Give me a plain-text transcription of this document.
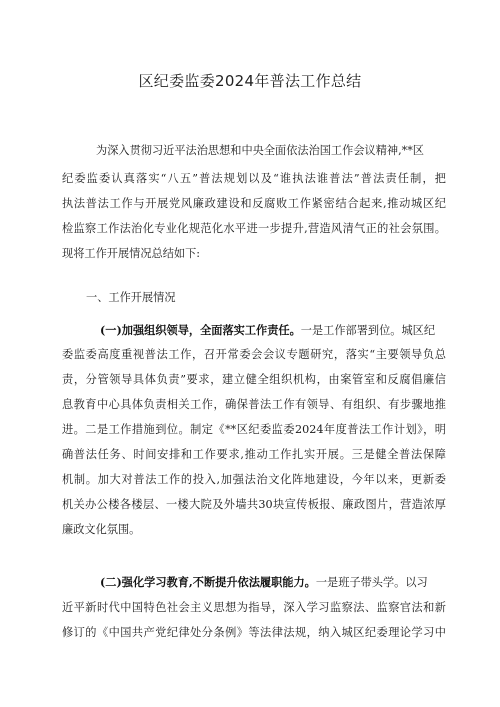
区纪委监委2024年普法工作总结
为深入贯彻习近平法治思想和中央全面依法治国工作会议精神,**区
纪委监委认真落实“八五”普法规划以及“谁执法谁普法”普法责任制，把
执法普法工作与开展党风廉政建设和反腐败工作紧密结合起来,推动城区纪
检监察工作法治化专业化规范化水平进一步提升,营造风清气正的社会氛围。
现将工作开展情况总结如下:
一、工作开展情况
(一)加强组织领导，全面落实工作责任。一是工作部署到位。城区纪
委监委高度重视普法工作，召开常委会会议专题研究，落实“主要领导负总
责，分管领导具体负责”要求，建立健全组织机构，由案管室和反腐倡廉信
息教育中心具体负责相关工作，确保普法工作有领导、有组织、有步骤地推
进。二是工作措施到位。制定《**区纪委监委2024年度普法工作计划》，明
确普法任务、时间安排和工作要求,推动工作扎实开展。三是健全普法保障
机制。加大对普法工作的投入,加强法治文化阵地建设，今年以来，更新委
机关办公楼各楼层、一楼大院及外墙共30块宣传板报、廉政图片，营造浓厚
廉政文化氛围。
(二)强化学习教育,不断提升依法履职能力。一是班子带头学。以习
近平新时代中国特色社会主义思想为指导，深入学习监察法、监察官法和新
修订的《中国共产党纪律处分条例》等法律法规，纳入城区纪委理论学习中
